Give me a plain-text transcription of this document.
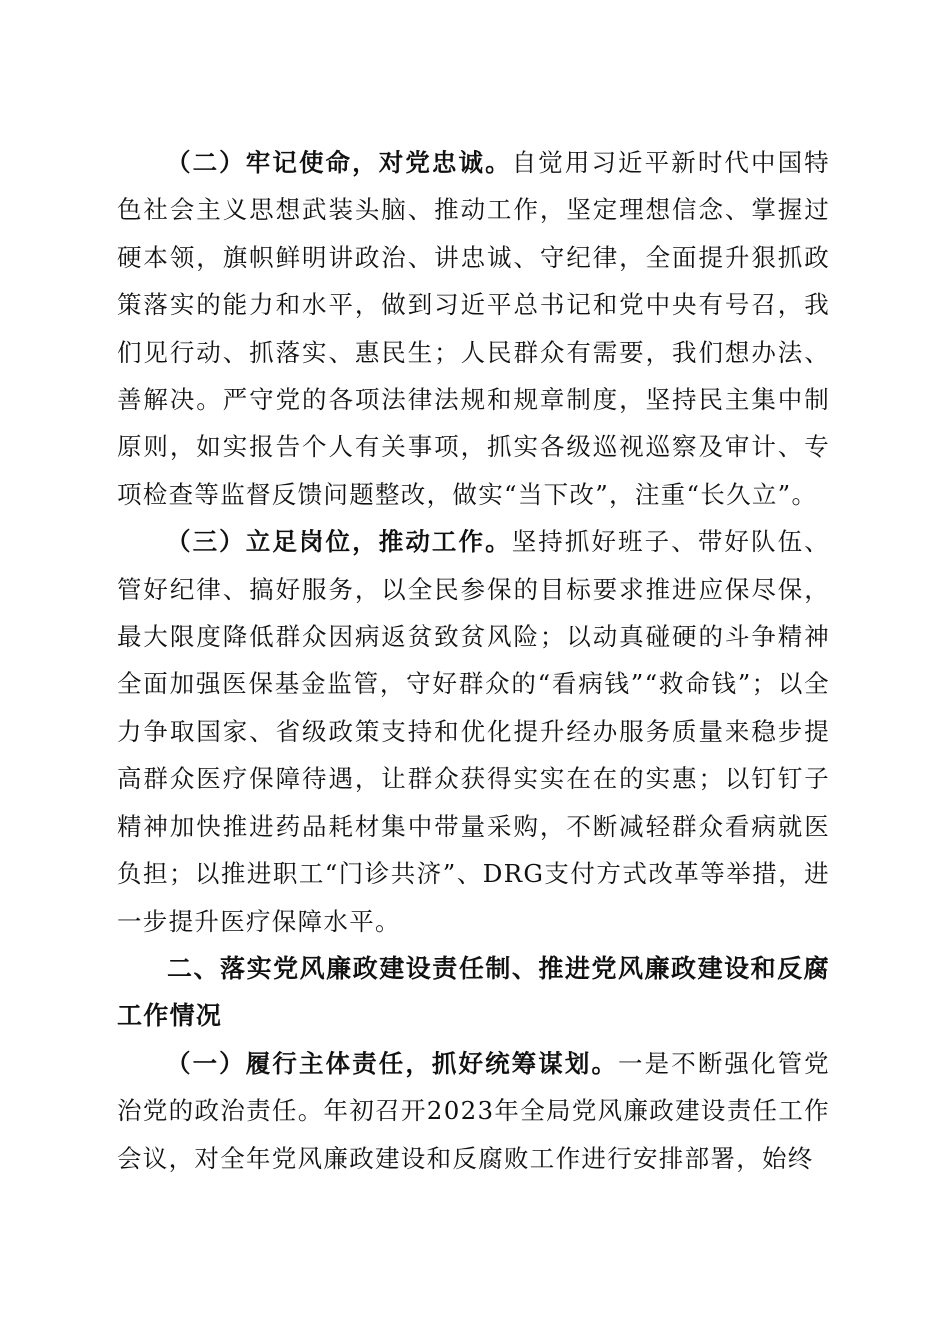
（二）牢记使命，对党忠诚。自觉用习近平新时代中国特色社会主义思想武装头脑、推动工作，坚定理想信念、掌握过硬本领，旗帜鲜明讲政治、讲忠诚、守纪律，全面提升狠抓政策落实的能力和水平，做到习近平总书记和党中央有号召，我们见行动、抓落实、惠民生；人民群众有需要，我们想办法、善解决。严守党的各项法律法规和规章制度，坚持民主集中制原则，如实报告个人有关事项，抓实各级巡视巡察及审计、专项检查等监督反馈问题整改，做实“当下改”，注重“长久立”。

（三）立足岗位，推动工作。坚持抓好班子、带好队伍、管好纪律、搞好服务，以全民参保的目标要求推进应保尽保，最大限度降低群众因病返贫致贫风险；以动真碰硬的斗争精神全面加强医保基金监管，守好群众的“看病钱”“救命钱”；以全力争取国家、省级政策支持和优化提升经办服务质量来稳步提高群众医疗保障待遇，让群众获得实实在在的实惠；以钉钉子精神加快推进药品耗材集中带量采购，不断减轻群众看病就医负担；以推进职工“门诊共济”、DRG支付方式改革等举措，进一步提升医疗保障水平。

二、落实党风廉政建设责任制、推进党风廉政建设和反腐工作情况

（一）履行主体责任，抓好统筹谋划。一是不断强化管党治党的政治责任。年初召开2023年全局党风廉政建设责任工作会议，对全年党风廉政建设和反腐败工作进行安排部署，始终
